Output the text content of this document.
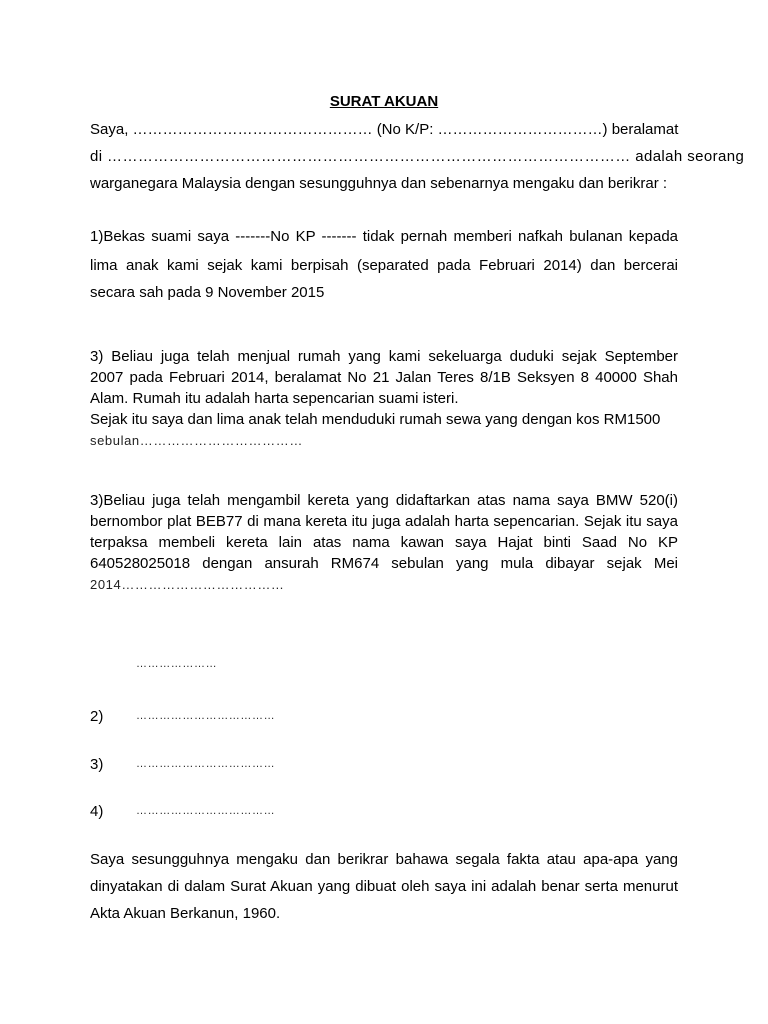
SURAT AKUAN
Saya, ………………………………………… (No K/P: ……………………………) beralamat
di ………………………………………………………………………………………… adalah seorang
warganegara Malaysia dengan sesungguhnya dan sebenarnya mengaku dan berikrar :
1)Bekas suami saya -------No KP ------- tidak pernah memberi nafkah bulanan kepada
lima anak kami sejak kami berpisah (separated pada Februari 2014) dan bercerai
secara sah pada 9 November 2015
3) Beliau juga telah menjual rumah yang kami sekeluarga duduki sejak September
2007 pada Februari 2014, beralamat No 21 Jalan Teres 8/1B Seksyen 8 40000 Shah
Alam. Rumah itu adalah harta sepencarian suami isteri.
Sejak itu saya dan lima anak telah menduduki rumah sewa yang dengan kos RM1500
sebulan………………………………
3)Beliau juga telah mengambil kereta yang didaftarkan atas nama saya BMW 520(i)
bernombor plat BEB77 di mana kereta itu juga adalah harta sepencarian. Sejak itu saya
terpaksa membeli kereta lain atas nama kawan saya Hajat binti Saad No KP
640528025018 dengan ansurah RM674 sebulan yang mula dibayar sejak Mei
2014………………………………
…………………
2)	………………………………
3)	………………………………
4)	………………………………
Saya sesungguhnya mengaku dan berikrar bahawa segala fakta atau apa-apa yang
dinyatakan di dalam Surat Akuan yang dibuat oleh saya ini adalah benar serta menurut
Akta Akuan Berkanun, 1960.
